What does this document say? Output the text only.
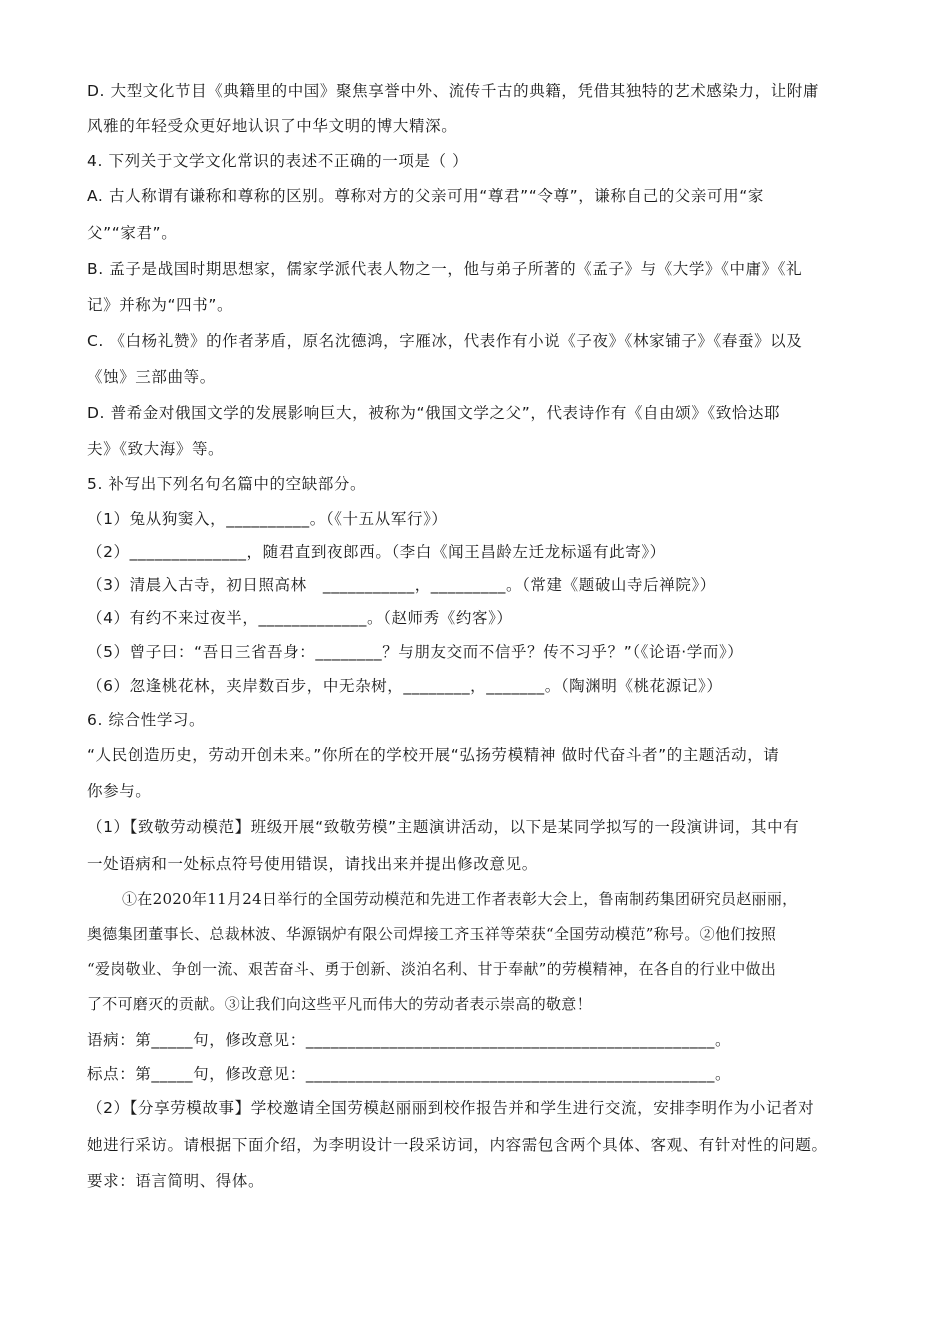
D. 大型文化节目《典籍里的中国》聚焦享誉中外、流传千古的典籍，凭借其独特的艺术感染力，让附庸
风雅的年轻受众更好地认识了中华文明的博大精深。
4. 下列关于文学文化常识的表述不正确的一项是（ ）
A. 古人称谓有谦称和尊称的区别。尊称对方的父亲可用“尊君”“令尊”，谦称自己的父亲可用“家
父”“家君”。
B. 孟子是战国时期思想家，儒家学派代表人物之一，他与弟子所著的《孟子》与《大学》《中庸》《礼
记》并称为“四书”。
C. 《白杨礼赞》的作者茅盾，原名沈德鸿，字雁冰，代表作有小说《子夜》《林家铺子》《春蚕》以及
《蚀》三部曲等。
D. 普希金对俄国文学的发展影响巨大，被称为“俄国文学之父”，代表诗作有《自由颂》《致恰达耶
夫》《致大海》等。
5. 补写出下列名句名篇中的空缺部分。
（1）兔从狗窦入，__________。（《十五从军行》）
（2）______________，随君直到夜郎西。（李白《闻王昌龄左迁龙标遥有此寄》）
（3）清晨入古寺，初日照高林　___________，_________。（常建《题破山寺后禅院》）
（4）有约不来过夜半，_____________。（赵师秀《约客》）
（5）曾子曰：“吾日三省吾身：________？与朋友交而不信乎？传不习乎？”（《论语·学而》）
（6）忽逢桃花林，夹岸数百步，中无杂树，________，_______。（陶渊明《桃花源记》）
6. 综合性学习。
“人民创造历史，劳动开创未来。”你所在的学校开展“弘扬劳模精神 做时代奋斗者”的主题活动，请
你参与。
（1）【致敬劳动模范】班级开展“致敬劳模”主题演讲活动，以下是某同学拟写的一段演讲词，其中有
一处语病和一处标点符号使用错误，请找出来并提出修改意见。
①在2020年11月24日举行的全国劳动模范和先进工作者表彰大会上，鲁南制药集团研究员赵丽丽，
奥德集团董事长、总裁林波、华源锅炉有限公司焊接工齐玉祥等荣获“全国劳动模范”称号。②他们按照
“爱岗敬业、争创一流、艰苦奋斗、勇于创新、淡泊名利、甘于奉献”的劳模精神，在各自的行业中做出
了不可磨灭的贡献。③让我们向这些平凡而伟大的劳动者表示崇高的敬意！
语病：第_____句，修改意见：_________________________________________________。
标点：第_____句，修改意见：_________________________________________________。
（2）【分享劳模故事】学校邀请全国劳模赵丽丽到校作报告并和学生进行交流，安排李明作为小记者对
她进行采访。请根据下面介绍，为李明设计一段采访词，内容需包含两个具体、客观、有针对性的问题。
要求：语言简明、得体。
